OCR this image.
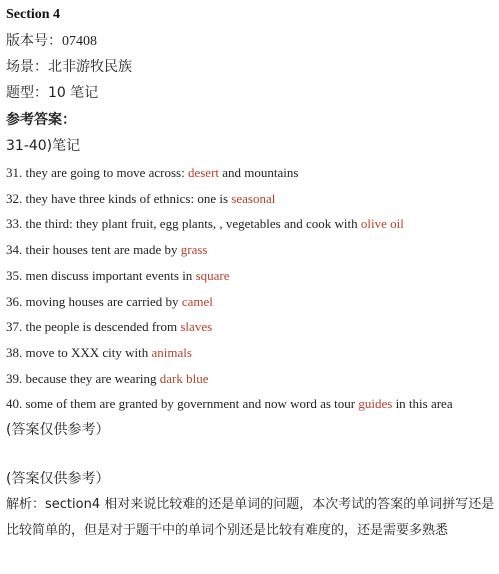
Section 4
版本号：07408
场景：北非游牧民族
题型：10 笔记
参考答案：
31-40)笔记
31. they are going to move across: desert and mountains
32. they have three kinds of ethnics: one is seasonal
33. the third: they plant fruit, egg plants, , vegetables and cook with olive oil
34. their houses tent are made by grass
35. men discuss important events in square
36. moving houses are carried by camel
37. the people is descended from slaves
38. move to XXX city with animals
39. because they are wearing dark blue
40. some of them are granted by government and now word as tour guides in this area
(答案仅供参考）
(答案仅供参考）
解析：section4 相对来说比较难的还是单词的问题，本次考试的答案的单词拼写还是
比较简单的，但是对于题干中的单词个别还是比较有难度的，还是需要多熟悉
